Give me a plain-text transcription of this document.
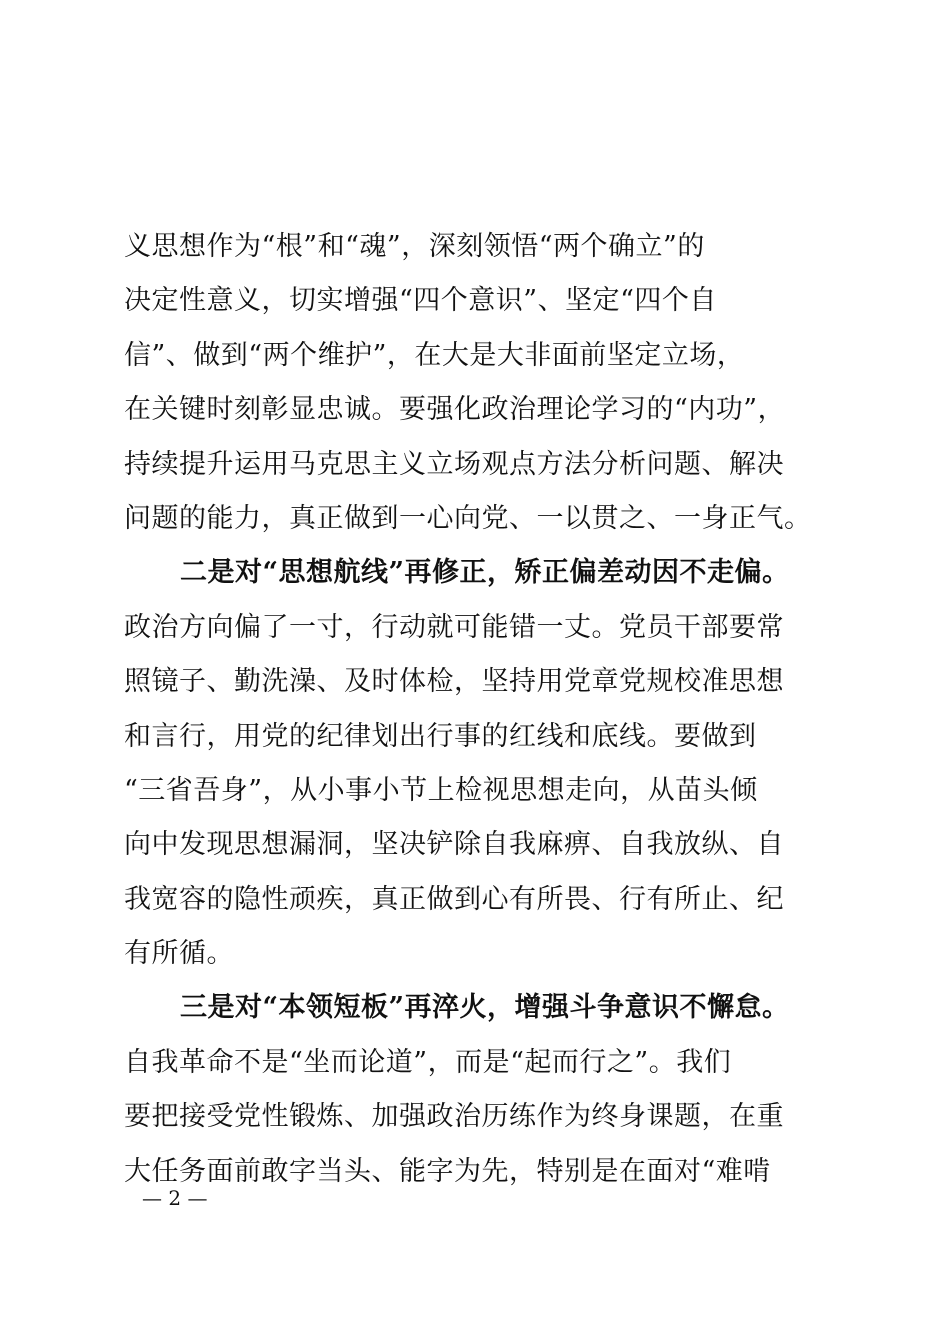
义思想作为“根”和“魂”，深刻领悟“两个确立”的
决定性意义，切实增强“四个意识”、坚定“四个自
信”、做到“两个维护”，在大是大非面前坚定立场，
在关键时刻彰显忠诚。要强化政治理论学习的“内功”，
持续提升运用马克思主义立场观点方法分析问题、解决
问题的能力，真正做到一心向党、一以贯之、一身正气。
二是对“思想航线”再修正，矫正偏差动因不走偏。
政治方向偏了一寸，行动就可能错一丈。党员干部要常
照镜子、勤洗澡、及时体检，坚持用党章党规校准思想
和言行，用党的纪律划出行事的红线和底线。要做到
“三省吾身”，从小事小节上检视思想走向，从苗头倾
向中发现思想漏洞，坚决铲除自我麻痹、自我放纵、自
我宽容的隐性顽疾，真正做到心有所畏、行有所止、纪
有所循。
三是对“本领短板”再淬火，增强斗争意识不懈怠。
自我革命不是“坐而论道”，而是“起而行之”。我们
要把接受党性锻炼、加强政治历练作为终身课题，在重
大任务面前敢字当头、能字为先，特别是在面对“难啃
— 2 —
